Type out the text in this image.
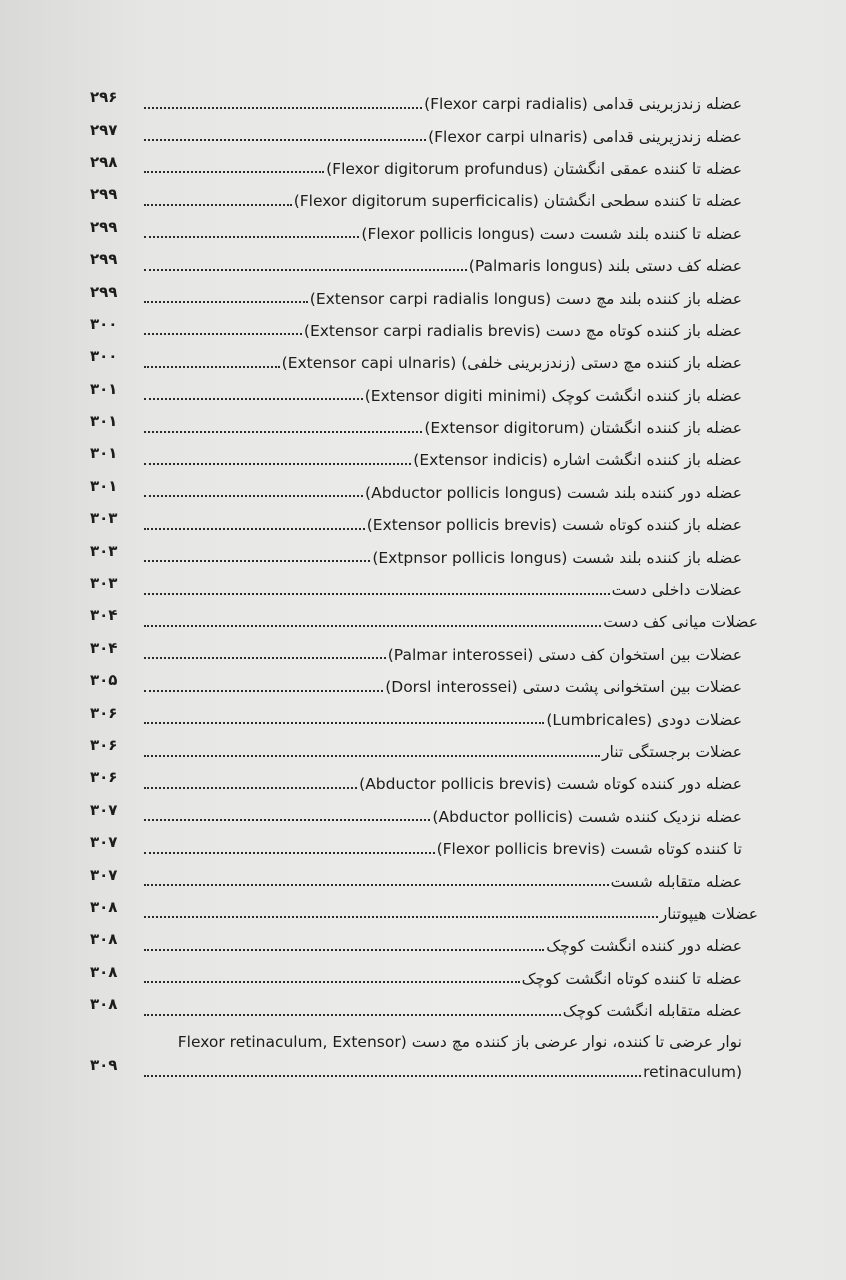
عضله زندزبرینی قدامی (Flexor carpi radialis)
۲۹۶
عضله زندزیرینی قدامی (Flexor carpi ulnaris)
۲۹۷
عضله تا کننده عمقی انگشتان (Flexor digitorum profundus)
۲۹۸
عضله تا کننده سطحی انگشتان (Flexor digitorum superficicalis)
۲۹۹
عضله تا کننده بلند شست دست (Flexor pollicis longus)
۲۹۹
عضله کف دستی بلند (Palmaris longus)
۲۹۹
عضله باز کننده بلند مچ دست (Extensor carpi radialis longus)
۲۹۹
عضله باز کننده کوتاه مچ دست (Extensor carpi radialis brevis)
۳۰۰
عضله باز کننده مچ دستی (زندزبرینی خلفی) (Extensor capi ulnaris)
۳۰۰
عضله باز کننده انگشت کوچک (Extensor digiti minimi)
۳۰۱
عضله باز کننده انگشتان (Extensor digitorum)
۳۰۱
عضله باز کننده انگشت اشاره (Extensor indicis)
۳۰۱
عضله دور کننده بلند شست (Abductor pollicis longus)
۳۰۱
عضله باز کننده کوتاه شست (Extensor pollicis brevis)
۳۰۳
عضله باز کننده بلند شست (Extpnsor pollicis longus)
۳۰۳
عضلات داخلی دست
۳۰۳
عضلات میانی کف دست
۳۰۴
عضلات بین استخوان کف دستی (Palmar interossei)
۳۰۴
عضلات بین استخوانی پشت دستی (Dorsl interossei)
۳۰۵
عضلات دودی (Lumbricales)
۳۰۶
عضلات برجستگی تنار
۳۰۶
عضله دور کننده کوتاه شست (Abductor pollicis brevis)
۳۰۶
عضله نزدیک کننده شست (Abductor pollicis)
۳۰۷
تا کننده کوتاه شست (Flexor pollicis brevis)
۳۰۷
عضله متقابله شست
۳۰۷
عضلات هیپوتنار
۳۰۸
عضله دور کننده انگشت کوچک
۳۰۸
عضله تا کننده کوتاه انگشت کوچک
۳۰۸
عضله متقابله انگشت کوچک
۳۰۸
نوار عرضی تا کننده، نوار عرضی باز کننده مچ دست (Flexor retinaculum, Extensor
retinaculum)
۳۰۹
